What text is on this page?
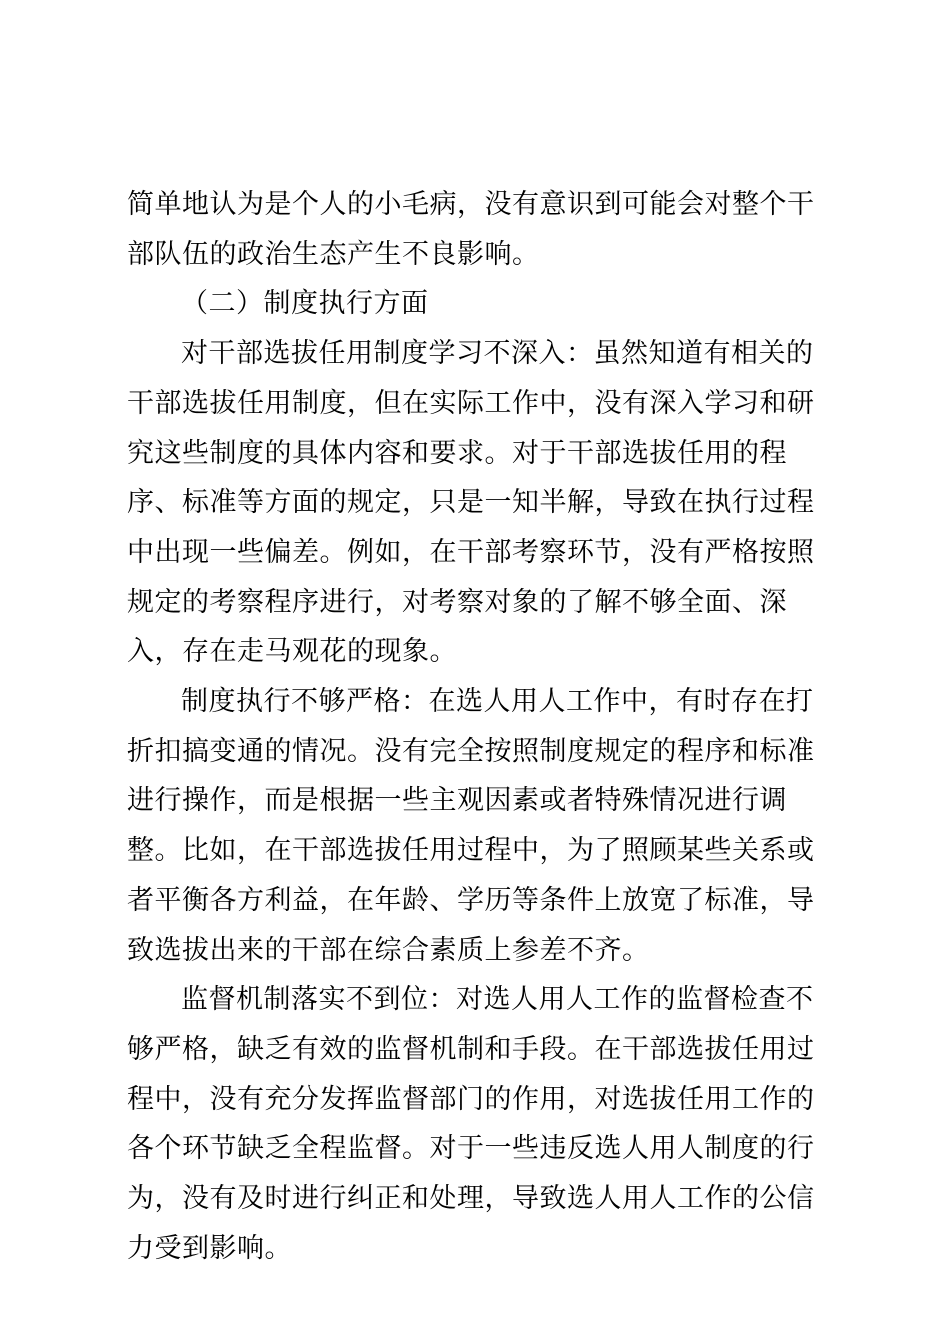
简单地认为是个人的小毛病，没有意识到可能会对整个干部队伍的政治生态产生不良影响。

（二）制度执行方面

对干部选拔任用制度学习不深入：虽然知道有相关的干部选拔任用制度，但在实际工作中，没有深入学习和研究这些制度的具体内容和要求。对于干部选拔任用的程序、标准等方面的规定，只是一知半解，导致在执行过程中出现一些偏差。例如，在干部考察环节，没有严格按照规定的考察程序进行，对考察对象的了解不够全面、深入，存在走马观花的现象。

制度执行不够严格：在选人用人工作中，有时存在打折扣搞变通的情况。没有完全按照制度规定的程序和标准进行操作，而是根据一些主观因素或者特殊情况进行调整。比如，在干部选拔任用过程中，为了照顾某些关系或者平衡各方利益，在年龄、学历等条件上放宽了标准，导致选拔出来的干部在综合素质上参差不齐。

监督机制落实不到位：对选人用人工作的监督检查不够严格，缺乏有效的监督机制和手段。在干部选拔任用过程中，没有充分发挥监督部门的作用，对选拔任用工作的各个环节缺乏全程监督。对于一些违反选人用人制度的行为，没有及时进行纠正和处理，导致选人用人工作的公信力受到影响。
